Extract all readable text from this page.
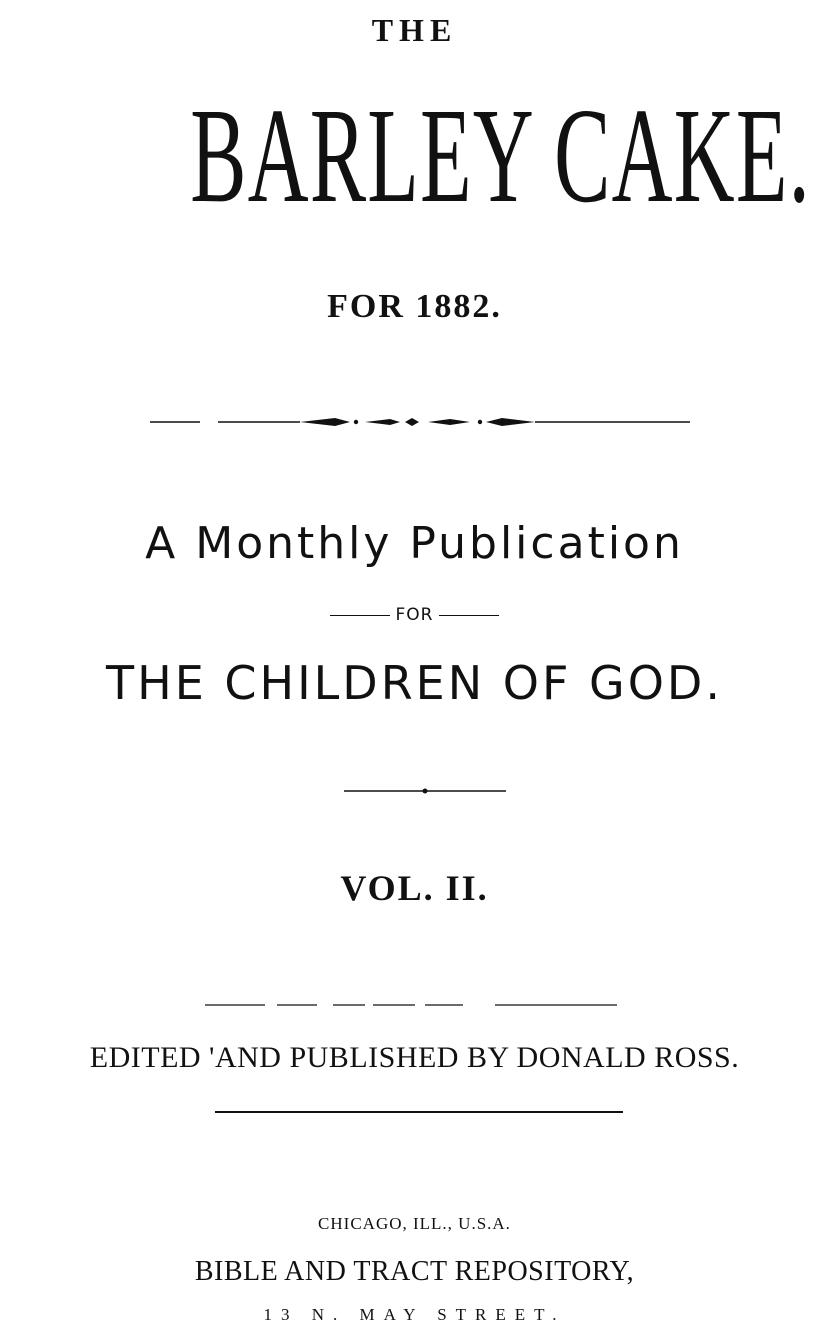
THE
BARLEY CAKE.
FOR 1882.
A Monthly Publication
FOR
THE CHILDREN OF GOD.
VOL. II.
EDITED 'AND PUBLISHED BY DONALD ROSS.
CHICAGO, ILL., U.S.A.
BIBLE AND TRACT REPOSITORY,
13 N. MAY STREET.
